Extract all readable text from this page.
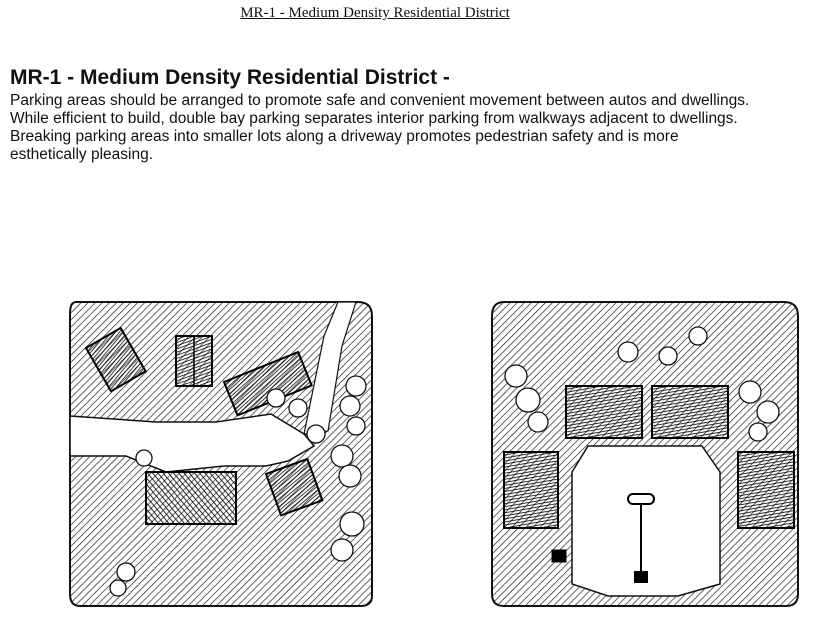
MR-1 - Medium Density Residential District
MR-1 - Medium Density Residential District -
Parking areas should be arranged to promote safe and convenient movement between autos and dwellings.
While efficient to build, double bay parking separates interior parking from walkways adjacent to dwellings.
Breaking parking areas into smaller lots along a driveway promotes pedestrian safety and is more
esthetically pleasing.
